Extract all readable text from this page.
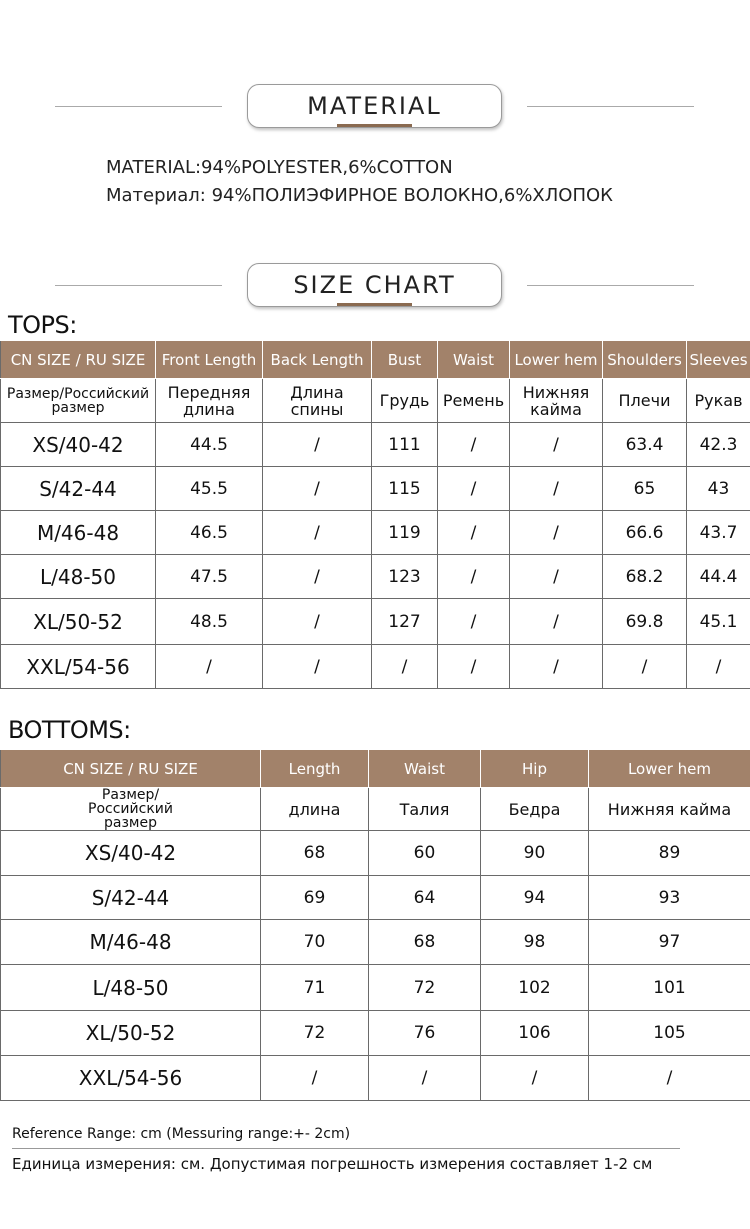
MATERIAL
MATERIAL:94%POLYESTER,6%COTTON
Материал: 94%ПОЛИЭФИРНОЕ ВОЛОКНО,6%ХЛОПОК
SIZE CHART
TOPS:
CN SIZE / RU SIZE	Front Length	Back Length	Bust	Waist	Lower hem	Shoulders	Sleeves
Размер/Российский размер	Передняя длина	Длина спины	Грудь	Ремень	Нижняя кайма	Плечи	Рукав
XS/40-42	44.5	/	111	/	/	63.4	42.3
S/42-44	45.5	/	115	/	/	65	43
M/46-48	46.5	/	119	/	/	66.6	43.7
L/48-50	47.5	/	123	/	/	68.2	44.4
XL/50-52	48.5	/	127	/	/	69.8	45.1
XXL/54-56	/	/	/	/	/	/	/
BOTTOMS:
CN SIZE / RU SIZE	Length	Waist	Hip	Lower hem
Размер/Российский размер	длина	Талия	Бедра	Нижняя кайма
XS/40-42	68	60	90	89
S/42-44	69	64	94	93
M/46-48	70	68	98	97
L/48-50	71	72	102	101
XL/50-52	72	76	106	105
XXL/54-56	/	/	/	/
Reference Range: cm (Messuring range:+- 2cm)
Единица измерения: см. Допустимая погрешность измерения составляет 1-2 см
